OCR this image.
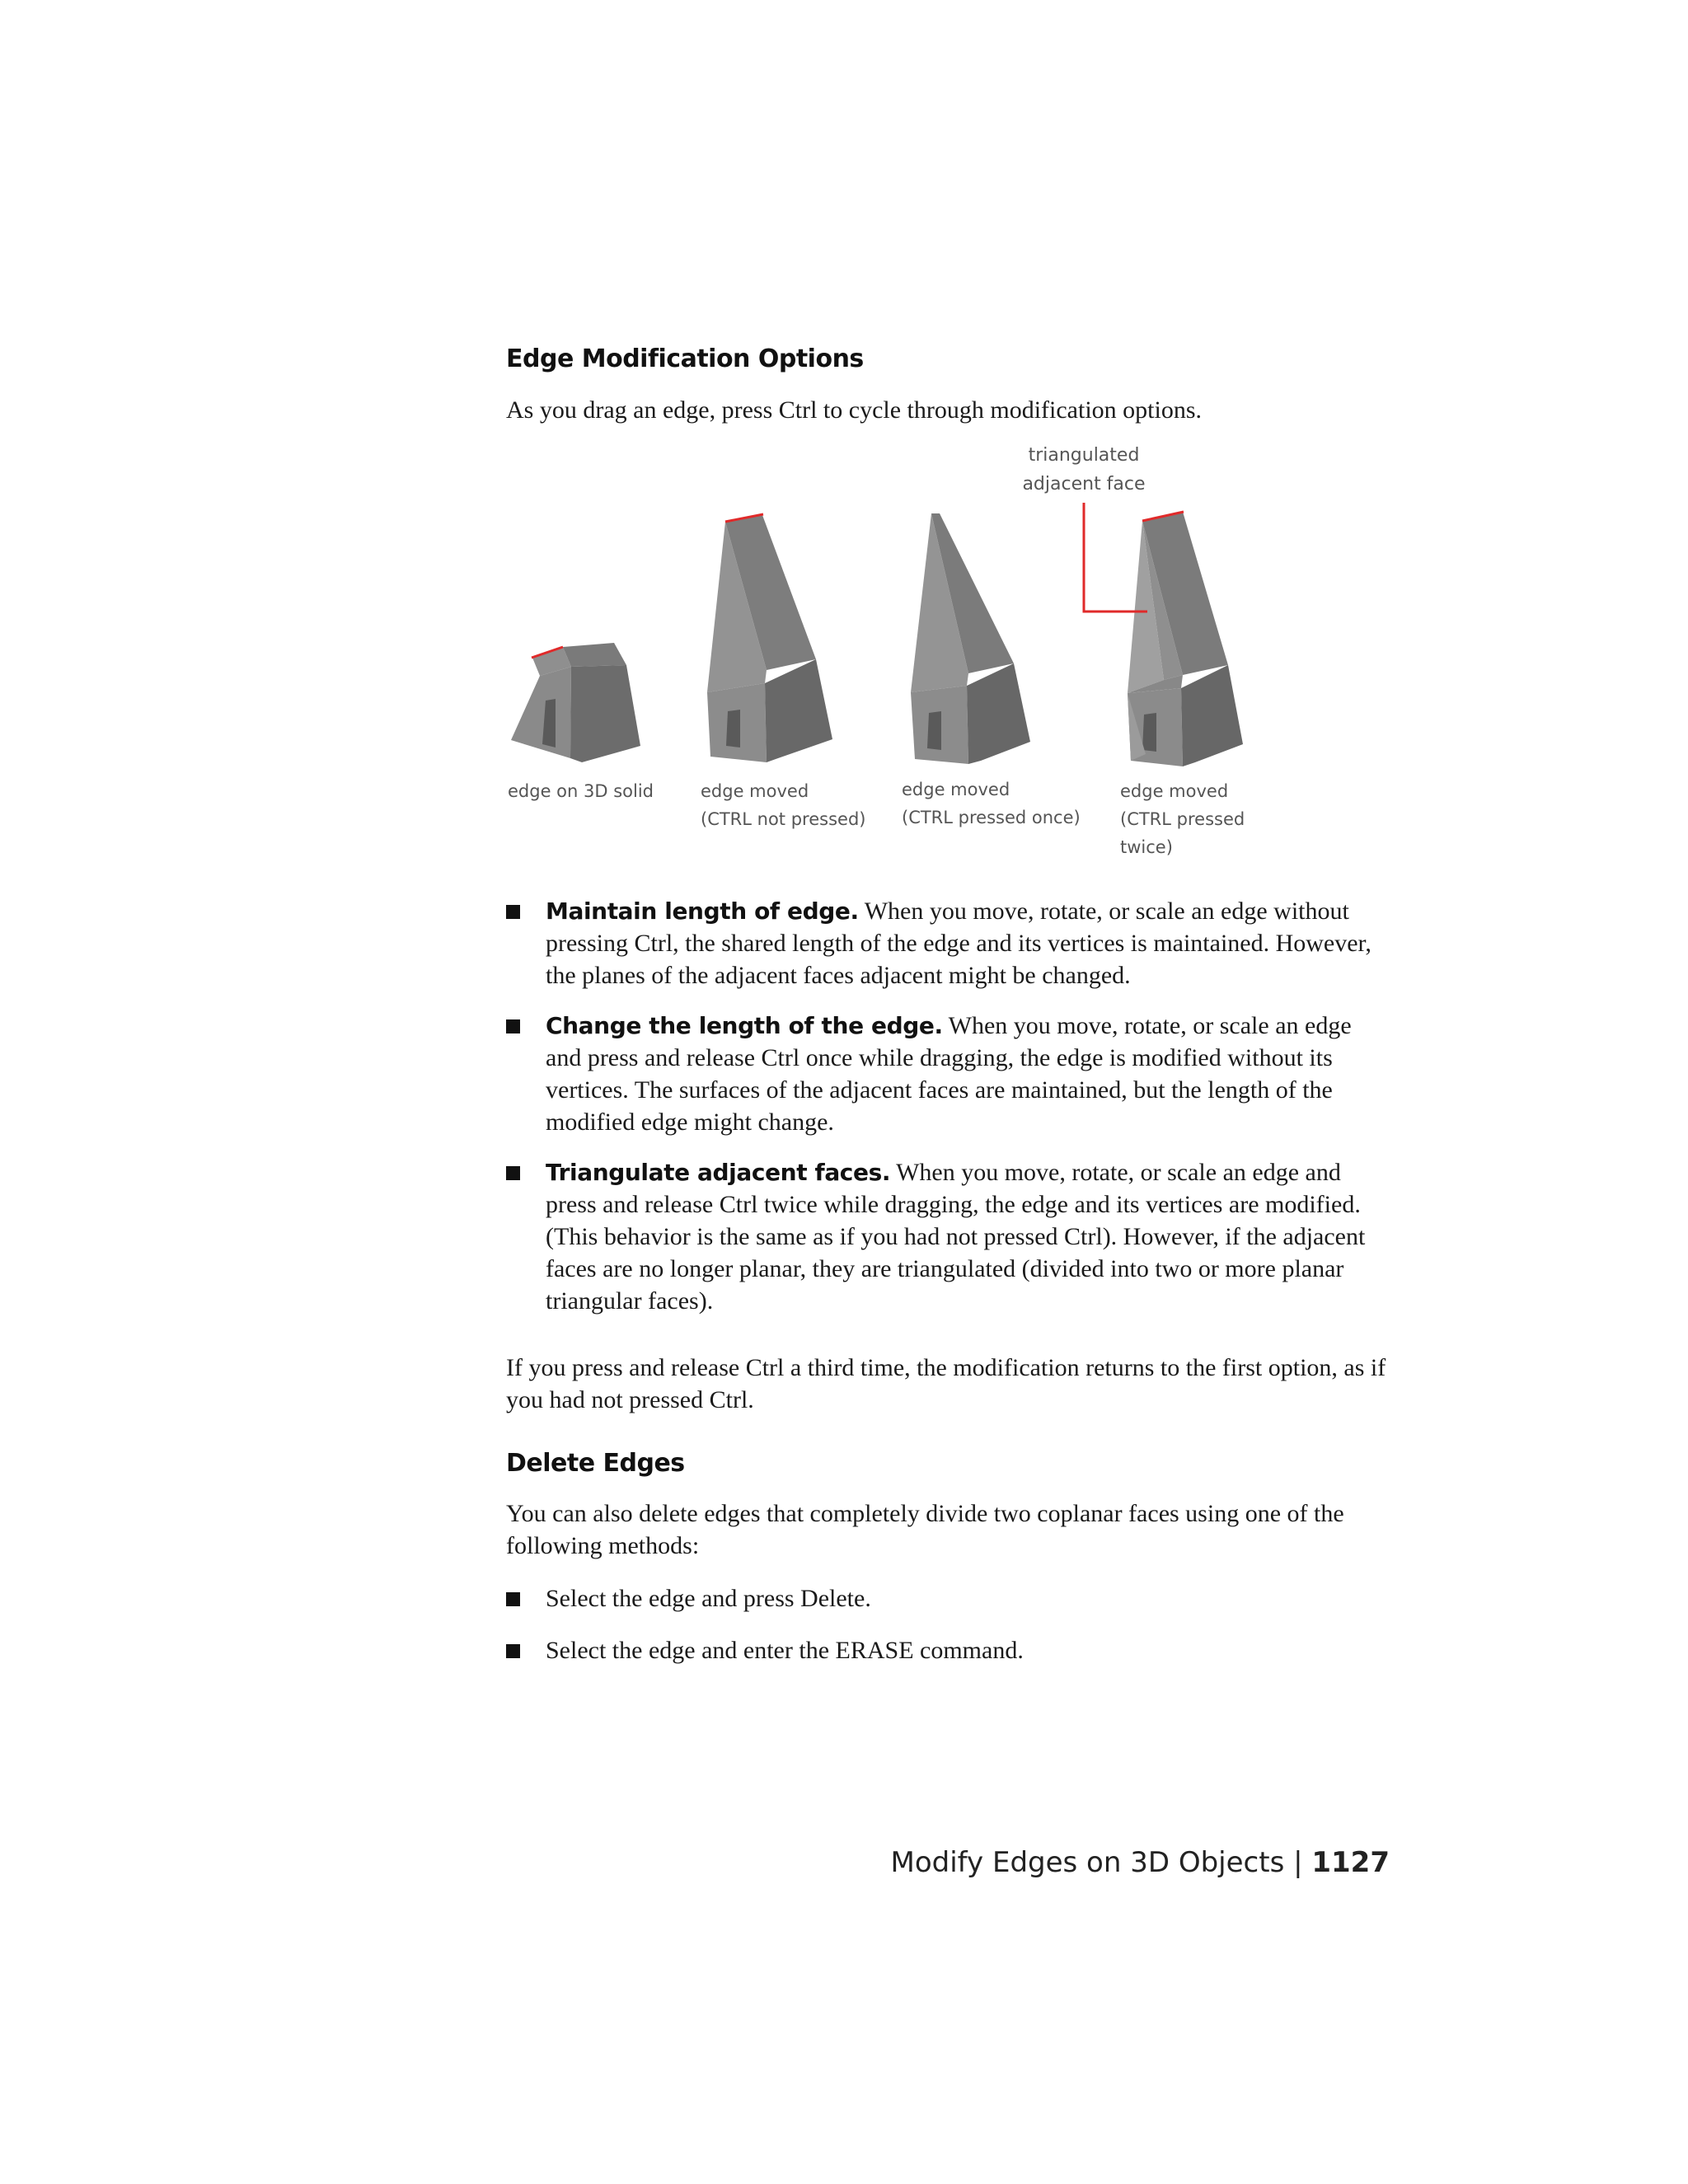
Edge Modification Options
As you drag an edge, press Ctrl to cycle through modification options.
triangulated
adjacent face
edge on 3D solid	edge moved
(CTRL not pressed)
edge moved
(CTRL pressed once)
edge moved
(CTRL pressed
twice)
Maintain length of edge. When you move, rotate, or scale an edge without pressing Ctrl, the shared length of the edge and its vertices is maintained. However, the planes of the adjacent faces adjacent might be changed.
Change the length of the edge. When you move, rotate, or scale an edge and press and release Ctrl once while dragging, the edge is modified without its vertices. The surfaces of the adjacent faces are maintained, but the length of the modified edge might change.
Triangulate adjacent faces. When you move, rotate, or scale an edge and press and release Ctrl twice while dragging, the edge and its vertices are modified. (This behavior is the same as if you had not pressed Ctrl). However, if the adjacent faces are no longer planar, they are triangulated (divided into two or more planar triangular faces).
If you press and release Ctrl a third time, the modification returns to the first option, as if you had not pressed Ctrl.
Delete Edges
You can also delete edges that completely divide two coplanar faces using one of the following methods:
Select the edge and press Delete.
Select the edge and enter the ERASE command.
Modify Edges on 3D Objects | 1127
